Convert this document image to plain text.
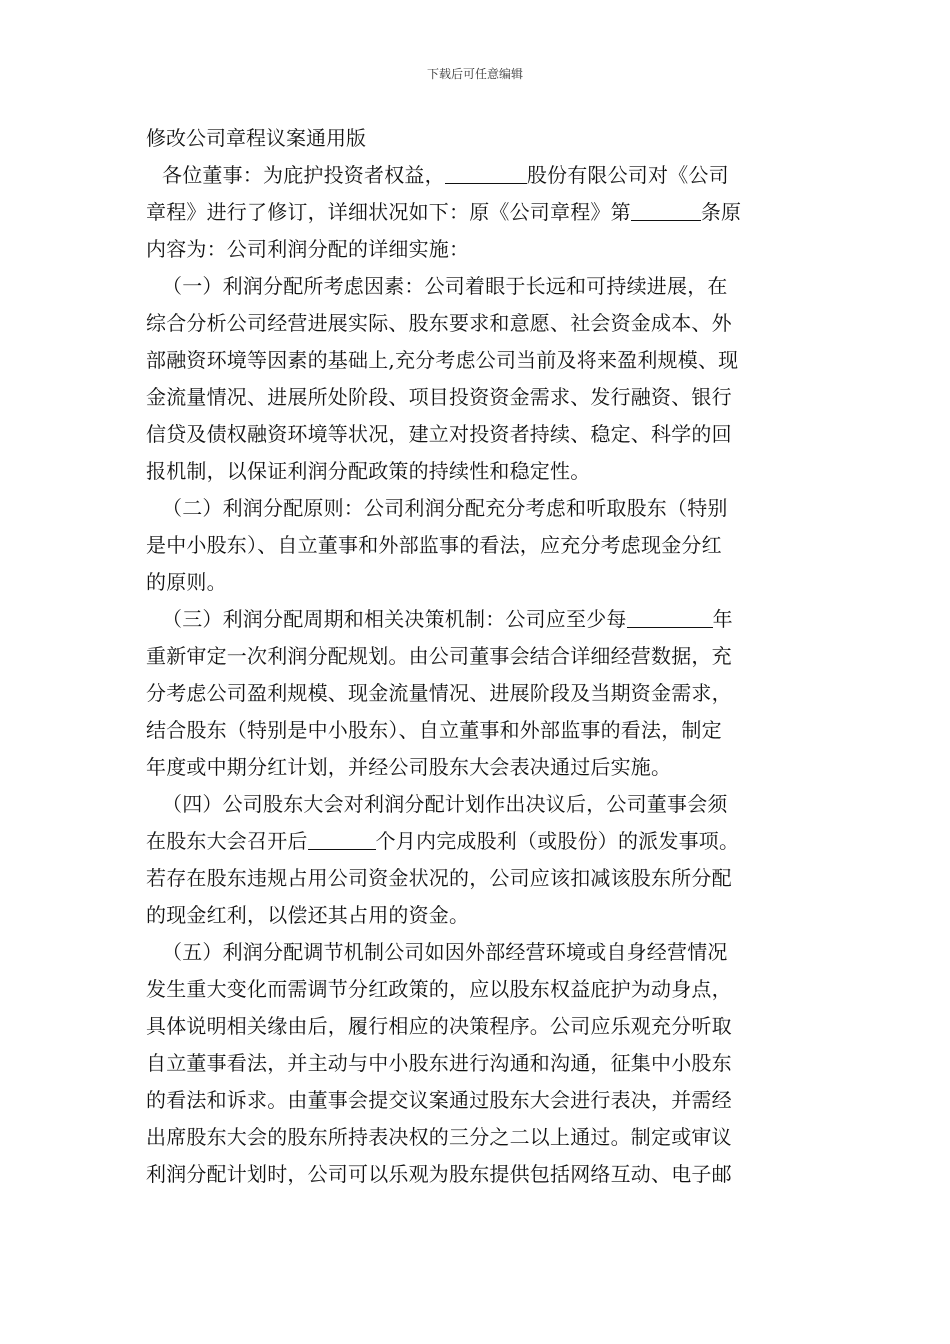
下载后可任意编辑
修改公司章程议案通用版

各位董事：为庇护投资者权益，	股份有限公司对《公司
章程》进行了修订，详细状况如下：原《公司章程》第	条原
内容为：公司利润分配的详细实施：

（一）利润分配所考虑因素：公司着眼于长远和可持续进展，在
综合分析公司经营进展实际、股东要求和意愿、社会资金成本、外
部融资环境等因素的基础上,充分考虑公司当前及将来盈利规模、现
金流量情况、进展所处阶段、项目投资资金需求、发行融资、银行
信贷及债权融资环境等状况，建立对投资者持续、稳定、科学的回
报机制，以保证利润分配政策的持续性和稳定性。

（二）利润分配原则：公司利润分配充分考虑和听取股东（特别
是中小股东）、自立董事和外部监事的看法，应充分考虑现金分红
的原则。

（三）利润分配周期和相关决策机制：公司应至少每	年
重新审定一次利润分配规划。由公司董事会结合详细经营数据，充
分考虑公司盈利规模、现金流量情况、进展阶段及当期资金需求，
结合股东（特别是中小股东）、自立董事和外部监事的看法，制定
年度或中期分红计划，并经公司股东大会表决通过后实施。

（四）公司股东大会对利润分配计划作出决议后，公司董事会须
在股东大会召开后	个月内完成股利（或股份）的派发事项。
若存在股东违规占用公司资金状况的，公司应该扣减该股东所分配
的现金红利，以偿还其占用的资金。

（五）利润分配调节机制公司如因外部经营环境或自身经营情况
发生重大变化而需调节分红政策的，应以股东权益庇护为动身点，
具体说明相关缘由后，履行相应的决策程序。公司应乐观充分听取
自立董事看法，并主动与中小股东进行沟通和沟通，征集中小股东
的看法和诉求。由董事会提交议案通过股东大会进行表决，并需经
出席股东大会的股东所持表决权的三分之二以上通过。制定或审议
利润分配计划时，公司可以乐观为股东提供包括网络互动、电子邮
